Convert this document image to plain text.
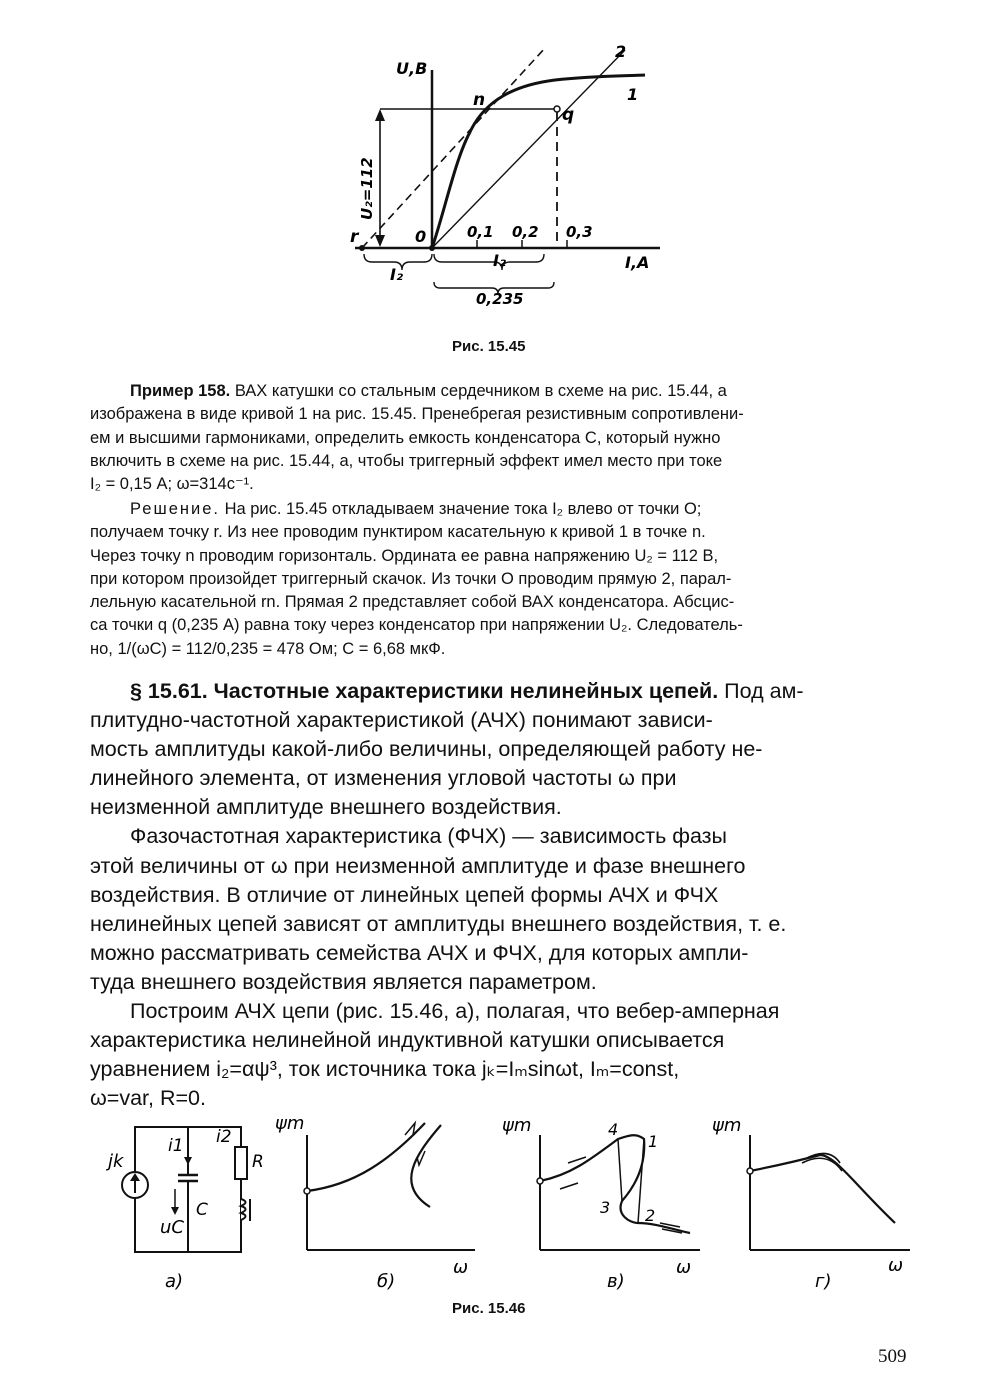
U,B
I,A
r	0
n
q
1
2
0,1 0,2 0,3
I₂
I₂
0,235
U₂=112
Рис. 15.45

Пример 158. ВАХ катушки со стальным сердечником в схеме на рис. 15.44, а

изображена в виде кривой 1 на рис. 15.45. Пренебрегая резистивным сопротивлени-

ем и высшими гармониками, определить емкость конденсатора C, который нужно

включить в схеме на рис. 15.44, а, чтобы триггерный эффект имел место при токе

I₂ = 0,15 А; ω=314с⁻¹.

Решение. На рис. 15.45 откладываем значение тока I₂ влево от точки O;

получаем точку r. Из нее проводим пунктиром касательную к кривой 1 в точке n.

Через точку n проводим горизонталь. Ордината ее равна напряжению U₂ = 112 В,

при котором произойдет триггерный скачок. Из точки O проводим прямую 2, парал-

лельную касательной rn. Прямая 2 представляет собой ВАХ конденсатора. Абсцис-

са точки q (0,235 А) равна току через конденсатор при напряжении U₂. Следователь-

но, 1/(ωC) = 112/0,235 = 478 Ом; C = 6,68 мкФ.

§ 15.61. Частотные характеристики нелинейных цепей. Под ам-

плитудно-частотной характеристикой (АЧХ) понимают зависи-

мость амплитуды какой-либо величины, определяющей работу не-

линейного элемента, от изменения угловой частоты ω при

неизменной амплитуде внешнего воздействия.

Фазочастотная характеристика (ФЧХ) — зависимость фазы

этой величины от ω при неизменной амплитуде и фазе внешнего

воздействия. В отличие от линейных цепей формы АЧХ и ФЧХ

нелинейных цепей зависят от амплитуды внешнего воздействия, т. е.

можно рассматривать семейства АЧХ и ФЧХ, для которых ампли-

туда внешнего воздействия является параметром.

Построим АЧХ цепи (рис. 15.46, а), полагая, что вебер-амперная

характеристика нелинейной индуктивной катушки описывается

уравнением i₂=αψ³, ток источника тока jₖ=Iₘsinωt, Iₘ=const,

ω=var, R=0.

jk
i1 i2
R
C
uC
а)
ψm
ω
б)
ψm
ω
в)
1
2
3
4	ψm
ω
г)
Рис. 15.46
509
